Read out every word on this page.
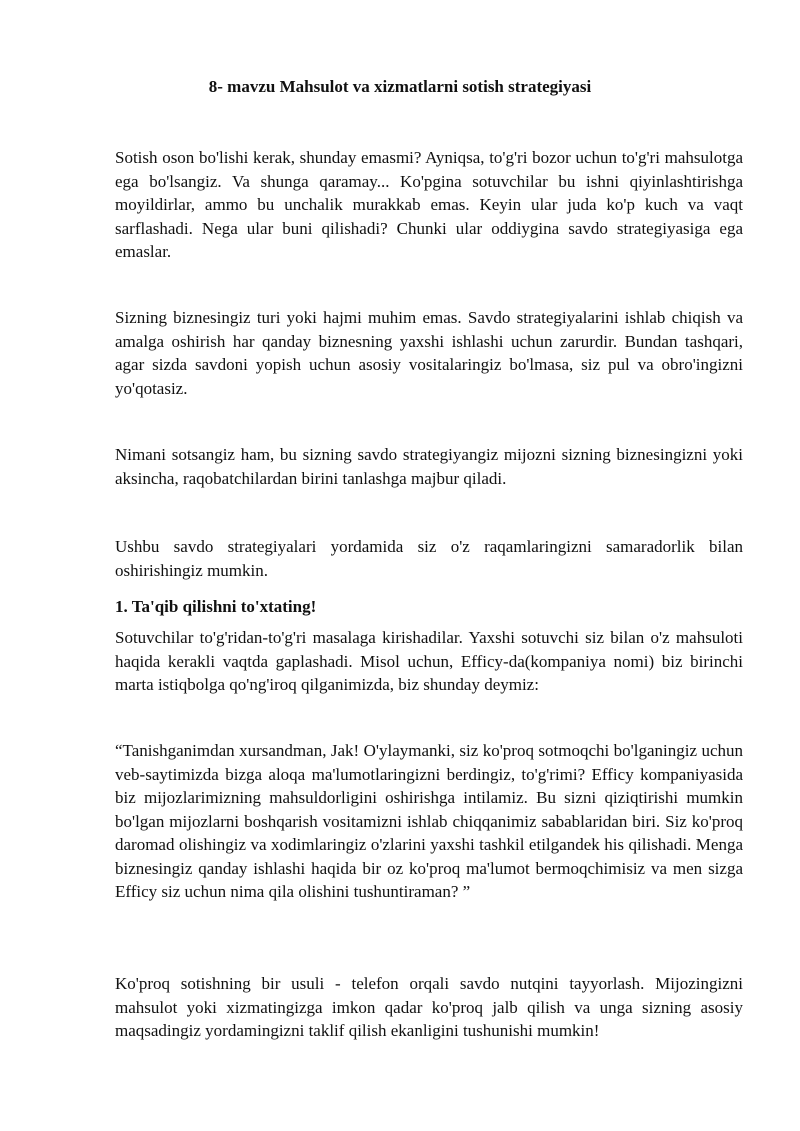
8- mavzu Mahsulot va xizmatlarni sotish strategiyasi

Sotish oson bo'lishi kerak, shunday emasmi? Ayniqsa, to'g'ri bozor uchun to'g'ri mahsulotga ega bo'lsangiz. Va shunga qaramay... Ko'pgina sotuvchilar bu ishni qiyinlashtirishga moyildirlar, ammo bu unchalik murakkab emas. Keyin ular juda ko'p kuch va vaqt sarflashadi. Nega ular buni qilishadi? Chunki ular oddiygina savdo strategiyasiga ega emaslar.

Sizning biznesingiz turi yoki hajmi muhim emas. Savdo strategiyalarini ishlab chiqish va amalga oshirish har qanday biznesning yaxshi ishlashi uchun zarurdir. Bundan tashqari, agar sizda savdoni yopish uchun asosiy vositalaringiz bo'lmasa, siz pul va obro'ingizni yo'qotasiz.

Nimani sotsangiz ham, bu sizning savdo strategiyangiz mijozni sizning biznesingizni yoki aksincha, raqobatchilardan birini tanlashga majbur qiladi.

Ushbu savdo strategiyalari yordamida siz o'z raqamlaringizni samaradorlik bilan oshirishingiz mumkin.

1. Ta'qib qilishni to'xtating!

Sotuvchilar to'g'ridan-to'g'ri masalaga kirishadilar. Yaxshi sotuvchi siz bilan o'z mahsuloti haqida kerakli vaqtda gaplashadi. Misol uchun, Efficy-da(kompaniya nomi) biz birinchi marta istiqbolga qo'ng'iroq qilganimizda, biz shunday deymiz:

“Tanishganimdan xursandman, Jak! O'ylaymanki, siz ko'proq sotmoqchi bo'lganingiz uchun veb-saytimizda bizga aloqa ma'lumotlaringizni berdingiz, to'g'rimi? Efficy kompaniyasida biz mijozlarimizning mahsuldorligini oshirishga intilamiz. Bu sizni qiziqtirishi mumkin bo'lgan mijozlarni boshqarish vositamizni ishlab chiqqanimiz sabablaridan biri. Siz ko'proq daromad olishingiz va xodimlaringiz o'zlarini yaxshi tashkil etilgandek his qilishadi. Menga biznesingiz qanday ishlashi haqida bir oz ko'proq ma'lumot bermoqchimisiz va men sizga Efficy siz uchun nima qila olishini tushuntiraman? ”

Ko'proq sotishning bir usuli - telefon orqali savdo nutqini tayyorlash. Mijozingizni mahsulot yoki xizmatingizga imkon qadar ko'proq jalb qilish va unga sizning asosiy maqsadingiz yordamingizni taklif qilish ekanligini tushunishi mumkin!
